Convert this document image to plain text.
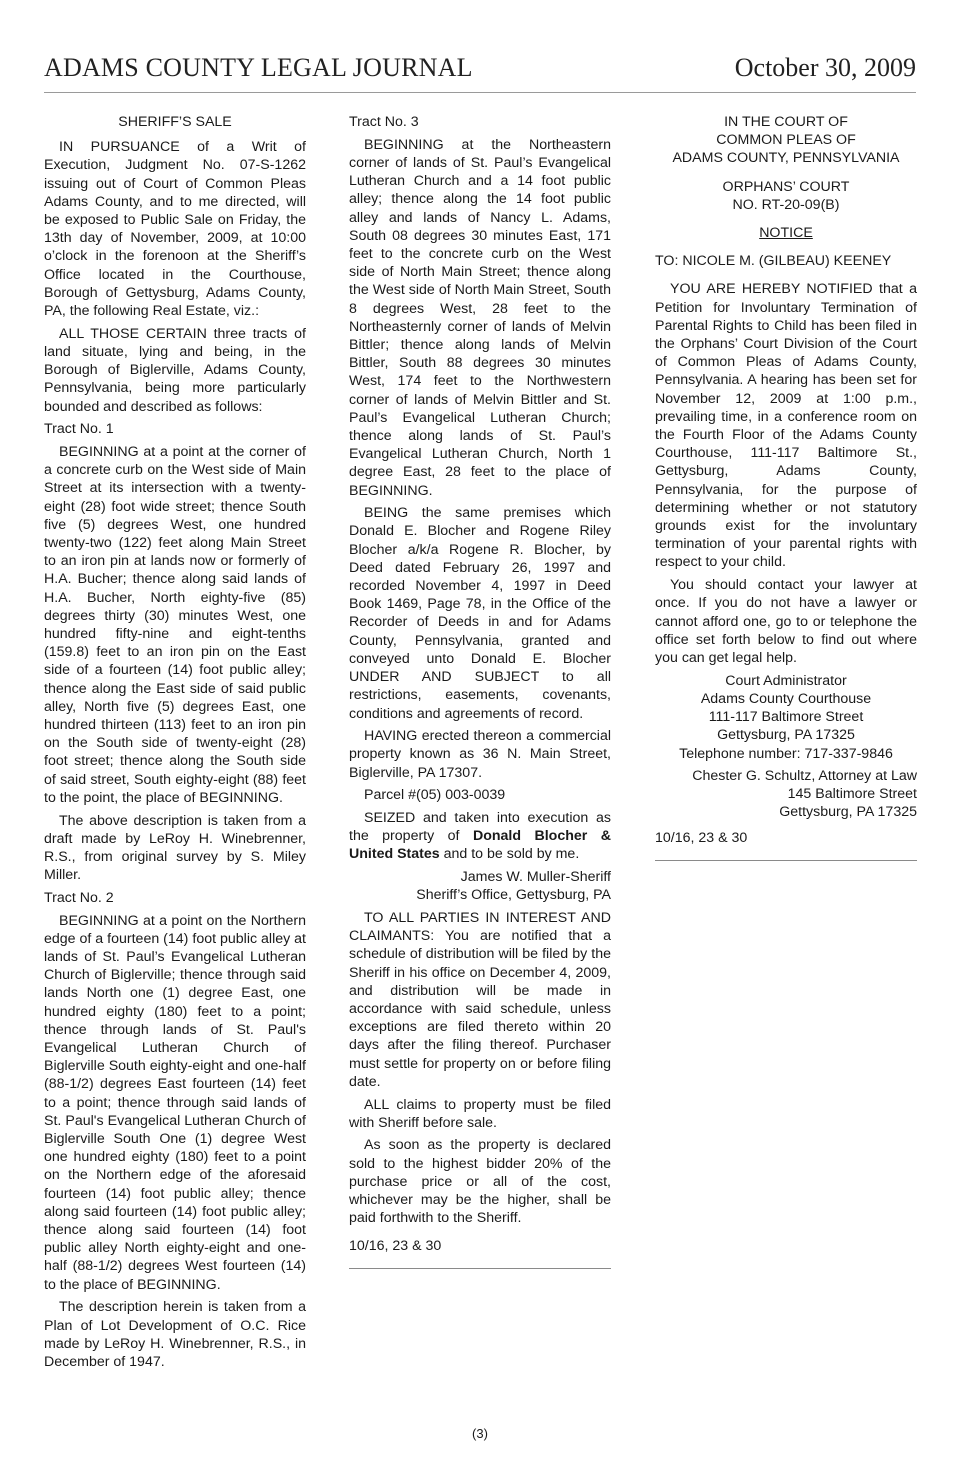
ADAMS COUNTY LEGAL JOURNAL	October 30, 2009

SHERIFF’S SALE

IN PURSUANCE of a Writ of Execution, Judgment No. 07-S-1262 issuing out of Court of Common Pleas Adams County, and to me directed, will be exposed to Public Sale on Friday, the 13th day of November, 2009, at 10:00 o’clock in the forenoon at the Sheriff’s Office located in the Courthouse, Borough of Gettysburg, Adams County, PA, the following Real Estate, viz.:

ALL THOSE CERTAIN three tracts of land situate, lying and being, in the Borough of Biglerville, Adams County, Pennsylvania, being more particularly bounded and described as follows:

Tract No. 1

BEGINNING at a point at the corner of a concrete curb on the West side of Main Street at its intersection with a twenty-eight (28) foot wide street; thence South five (5) degrees West, one hundred twenty-two (122) feet along Main Street to an iron pin at lands now or formerly of H.A. Bucher; thence along said lands of H.A. Bucher, North eighty-five (85) degrees thirty (30) minutes West, one hundred fifty-nine and eight-tenths (159.8) feet to an iron pin on the East side of a fourteen (14) foot public alley; thence along the East side of said public alley, North five (5) degrees East, one hundred thirteen (113) feet to an iron pin on the South side of twenty-eight (28) foot street; thence along the South side of said street, South eighty-eight (88) feet to the point, the place of BEGINNING.

The above description is taken from a draft made by LeRoy H. Winebrenner, R.S., from original survey by S. Miley Miller.

Tract No. 2

BEGINNING at a point on the Northern edge of a fourteen (14) foot public alley at lands of St. Paul’s Evangelical Lutheran Church of Biglerville; thence through said lands North one (1) degree East, one hundred eighty (180) feet to a point; thence through lands of St. Paul's Evangelical Lutheran Church of Biglerville South eighty-eight and one-half (88-1/2) degrees East fourteen (14) feet to a point; thence through said lands of St. Paul's Evangelical Lutheran Church of Biglerville South One (1) degree West one hundred eighty (180) feet to a point on the Northern edge of the aforesaid fourteen (14) foot public alley; thence along said fourteen (14) foot public alley; thence along said fourteen (14) foot public alley North eighty-eight and one-half (88-1/2) degrees West fourteen (14) to the place of BEGINNING.

The description herein is taken from a Plan of Lot Development of O.C. Rice made by LeRoy H. Winebrenner, R.S., in December of 1947.

Tract No. 3

BEGINNING at the Northeastern corner of lands of St. Paul’s Evangelical Lutheran Church and a 14 foot public alley; thence along the 14 foot public alley and lands of Nancy L. Adams, South 08 degrees 30 minutes East, 171 feet to the concrete curb on the West side of North Main Street; thence along the West side of North Main Street, South 8 degrees West, 28 feet to the Northeasternly corner of lands of Melvin Bittler; thence along lands of Melvin Bittler, South 88 degrees 30 minutes West, 174 feet to the Northwestern corner of lands of Melvin Bittler and St. Paul’s Evangelical Lutheran Church; thence along lands of St. Paul’s Evangelical Lutheran Church, North 1 degree East, 28 feet to the place of BEGINNING.

BEING the same premises which Donald E. Blocher and Rogene Riley Blocher a/k/a Rogene R. Blocher, by Deed dated February 26, 1997 and recorded November 4, 1997 in Deed Book 1469, Page 78, in the Office of the Recorder of Deeds in and for Adams County, Pennsylvania, granted and conveyed unto Donald E. Blocher UNDER AND SUBJECT to all restrictions, easements, covenants, conditions and agreements of record.

HAVING erected thereon a commercial property known as 36 N. Main Street, Biglerville, PA 17307.

Parcel #(05) 003-0039

SEIZED and taken into execution as the property of Donald Blocher & United States and to be sold by me.

James W. Muller-Sheriff

Sheriff’s Office, Gettysburg, PA

TO ALL PARTIES IN INTEREST AND CLAIMANTS: You are notified that a schedule of distribution will be filed by the Sheriff in his office on December 4, 2009, and distribution will be made in accordance with said schedule, unless exceptions are filed thereto within 20 days after the filing thereof. Purchaser must settle for property on or before filing date.

ALL claims to property must be filed with Sheriff before sale.

As soon as the property is declared sold to the highest bidder 20% of the purchase price or all of the cost, whichever may be the higher, shall be paid forthwith to the Sheriff.

10/16, 23 & 30

IN THE COURT OF
COMMON PLEAS OF
ADAMS COUNTY, PENNSYLVANIA
ORPHANS’ COURT
NO. RT-20-09(B)

NOTICE

TO: NICOLE M. (GILBEAU) KEENEY

YOU ARE HEREBY NOTIFIED that a Petition for Involuntary Termination of Parental Rights to Child has been filed in the Orphans’ Court Division of the Court of Common Pleas of Adams County, Pennsylvania. A hearing has been set for November 12, 2009 at 1:00 p.m., prevailing time, in a conference room on the Fourth Floor of the Adams County Courthouse, 111-117 Baltimore St., Gettysburg, Adams County, Pennsylvania, for the purpose of determining whether or not statutory grounds exist for the involuntary termination of your parental rights with respect to your child.

You should contact your lawyer at once. If you do not have a lawyer or cannot afford one, go to or telephone the office set forth below to find out where you can get legal help.

Court Administrator
Adams County Courthouse
111-117 Baltimore Street
Gettysburg, PA 17325
Telephone number: 717-337-9846
Chester G. Schultz, Attorney at Law
145 Baltimore Street
Gettysburg, PA 17325

10/16, 23 & 30

(3)
